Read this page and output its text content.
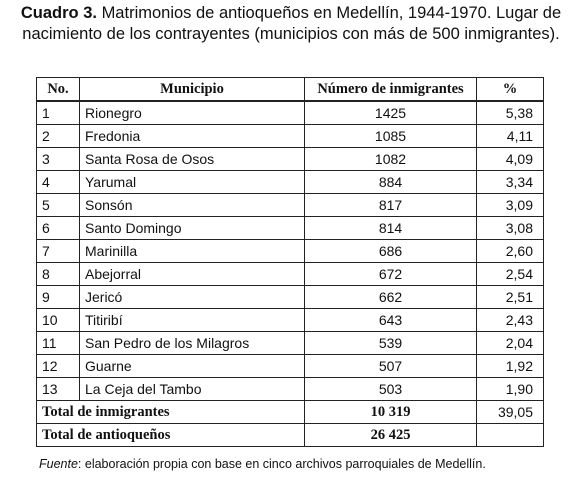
Cuadro 3. Matrimonios de antioqueños en Medellín, 1944-1970. Lugar de nacimiento de los contrayentes (municipios con más de 500 inmigrantes).
No.	Municipio	Número de inmigrantes	%
1	Rionegro	1425	5,38
2	Fredonia	1085	4,11
3	Santa Rosa de Osos	1082	4,09
4	Yarumal	884	3,34
5	Sonsón	817	3,09
6	Santo Domingo	814	3,08
7	Marinilla	686	2,60
8	Abejorral	672	2,54
9	Jericó	662	2,51
10	Titiribí	643	2,43
11	San Pedro de los Milagros	539	2,04
12	Guarne	507	1,92
13	La Ceja del Tambo	503	1,90
Total de inmigrantes		10 319	39,05
Total de antioqueños		26 425	
Fuente: elaboración propia con base en cinco archivos parroquiales de Medellín.
